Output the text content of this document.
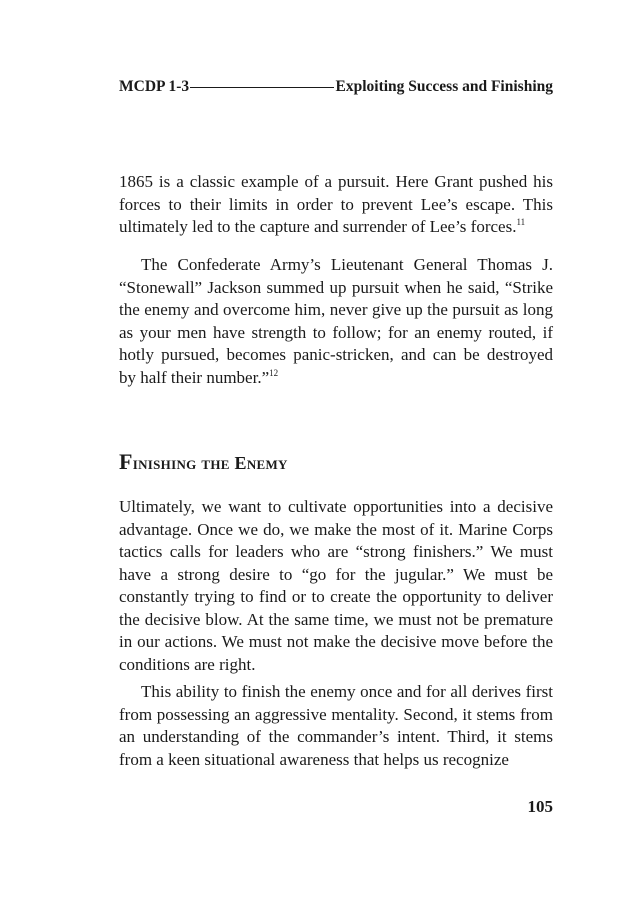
MCDP 1-3	Exploiting Success and Finishing

1865 is a classic example of a pursuit. Here Grant pushed his forces to their limits in order to prevent Lee’s escape. This ultimately led to the capture and surrender of Lee’s forces.$^{11}$

The Confederate Army’s Lieutenant General Thomas J. “Stonewall” Jackson summed up pursuit when he said, “Strike the enemy and overcome him, never give up the pursuit as long as your men have strength to follow; for an enemy routed, if hotly pursued, becomes panic-stricken, and can be destroyed by half their number.”$^{12}$

Finishing the Enemy

Ultimately, we want to cultivate opportunities into a decisive advantage. Once we do, we make the most of it. Marine Corps tactics calls for leaders who are “strong finishers.” We must have a strong desire to “go for the jugular.” We must be constantly trying to find or to create the opportunity to deliver the decisive blow. At the same time, we must not be premature in our actions. We must not make the decisive move before the conditions are right.

This ability to finish the enemy once and for all derives first from possessing an aggressive mentality. Second, it stems from an understanding of the commander’s intent. Third, it stems from a keen situational awareness that helps us recognize

105
